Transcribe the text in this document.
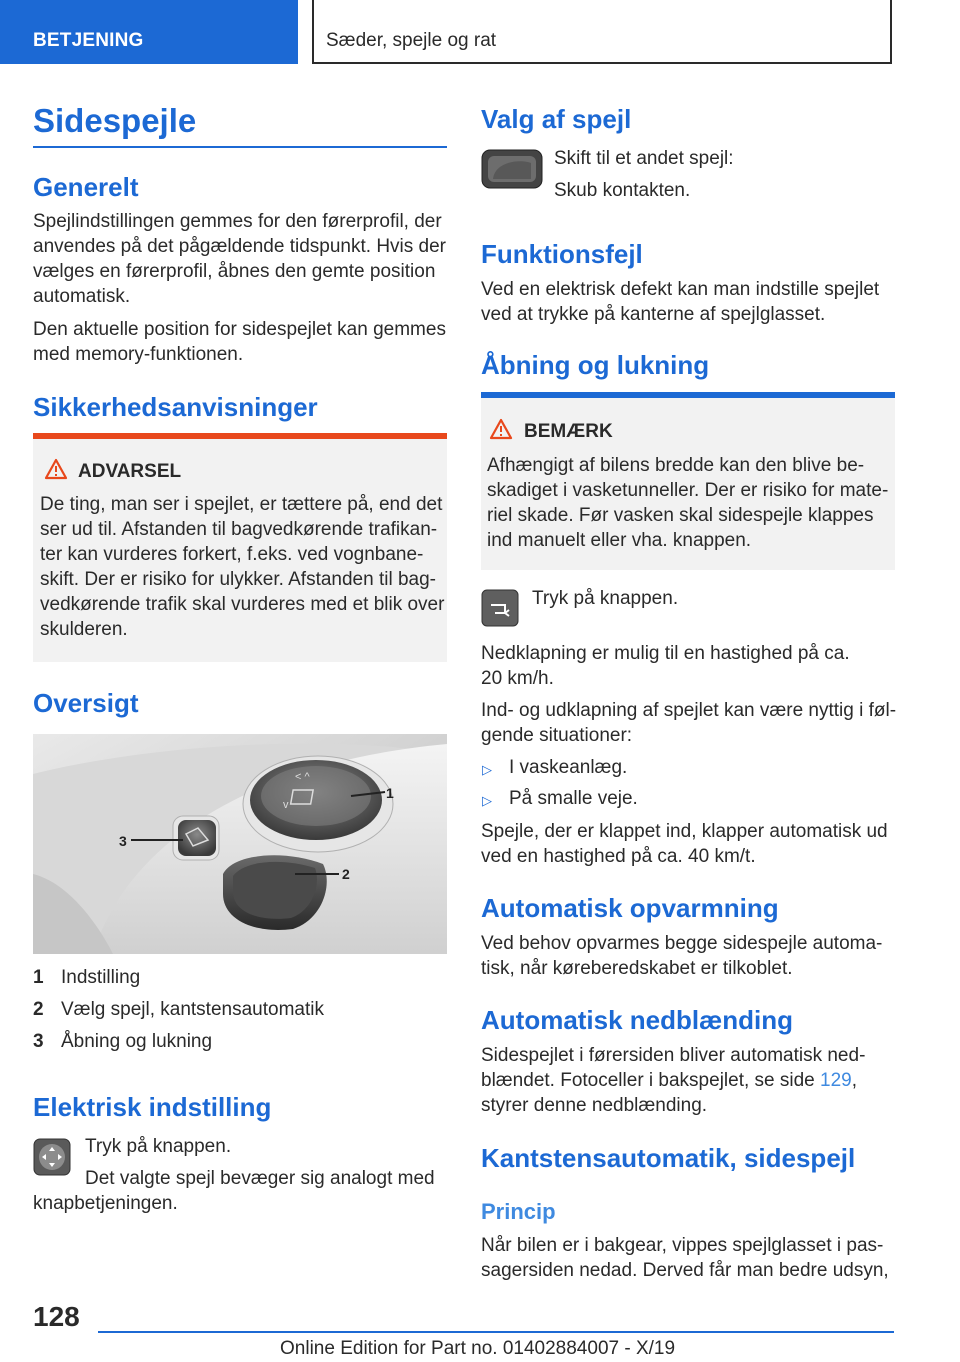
BETJENING	Sæder, spejle og rat
Sidespejle
Generelt
Spejlindstillingen gemmes for den førerprofil, der
anvendes på det pågældende tidspunkt. Hvis der
vælges en førerprofil, åbnes den gemte position
automatisk.
Den aktuelle position for sidespejlet kan gemmes
med memory-funktionen.
Sikkerhedsanvisninger
ADVARSEL
De ting, man ser i spejlet, er tættere på, end det
ser ud til. Afstanden til bagvedkørende trafikan-
ter kan vurderes forkert, f.eks. ved vognbane-
skift. Der er risiko for ulykker. Afstanden til bag-
vedkørende trafik skal vurderes med et blik over
skulderen.
Oversigt
< ^
v
1
2
3
1 Indstilling
2 Vælg spejl, kantstensautomatik
3 Åbning og lukning
Elektrisk indstilling
Tryk på knappen.
Det valgte spejl bevæger sig analogt med
knapbetjeningen.
Valg af spejl
Skift til et andet spejl:
Skub kontakten.
Funktionsfejl
Ved en elektrisk defekt kan man indstille spejlet
ved at trykke på kanterne af spejlglasset.
Åbning og lukning
BEMÆRK
Afhængigt af bilens bredde kan den blive be-
skadiget i vasketunneller. Der er risiko for mate-
riel skade. Før vasken skal sidespejle klappes
ind manuelt eller vha. knappen.
Tryk på knappen.
Nedklapning er mulig til en hastighed på ca.
20 km/h.
Ind- og udklapning af spejlet kan være nyttig i føl-
gende situationer:
▷ I vaskeanlæg.
▷ På smalle veje.
Spejle, der er klappet ind, klapper automatisk ud
ved en hastighed på ca. 40 km/t.
Automatisk opvarmning
Ved behov opvarmes begge sidespejle automa-
tisk, når køreberedskabet er tilkoblet.
Automatisk nedblænding
Sidespejlet i førersiden bliver automatisk ned-
blændet. Fotoceller i bakspejlet, se side 129,
styrer denne nedblænding.
Kantstensautomatik, sidespejl
Princip
Når bilen er i bakgear, vippes spejlglasset i pas-
sagersiden nedad. Derved får man bedre udsyn,
128
Online Edition for Part no. 01402884007 - X/19
